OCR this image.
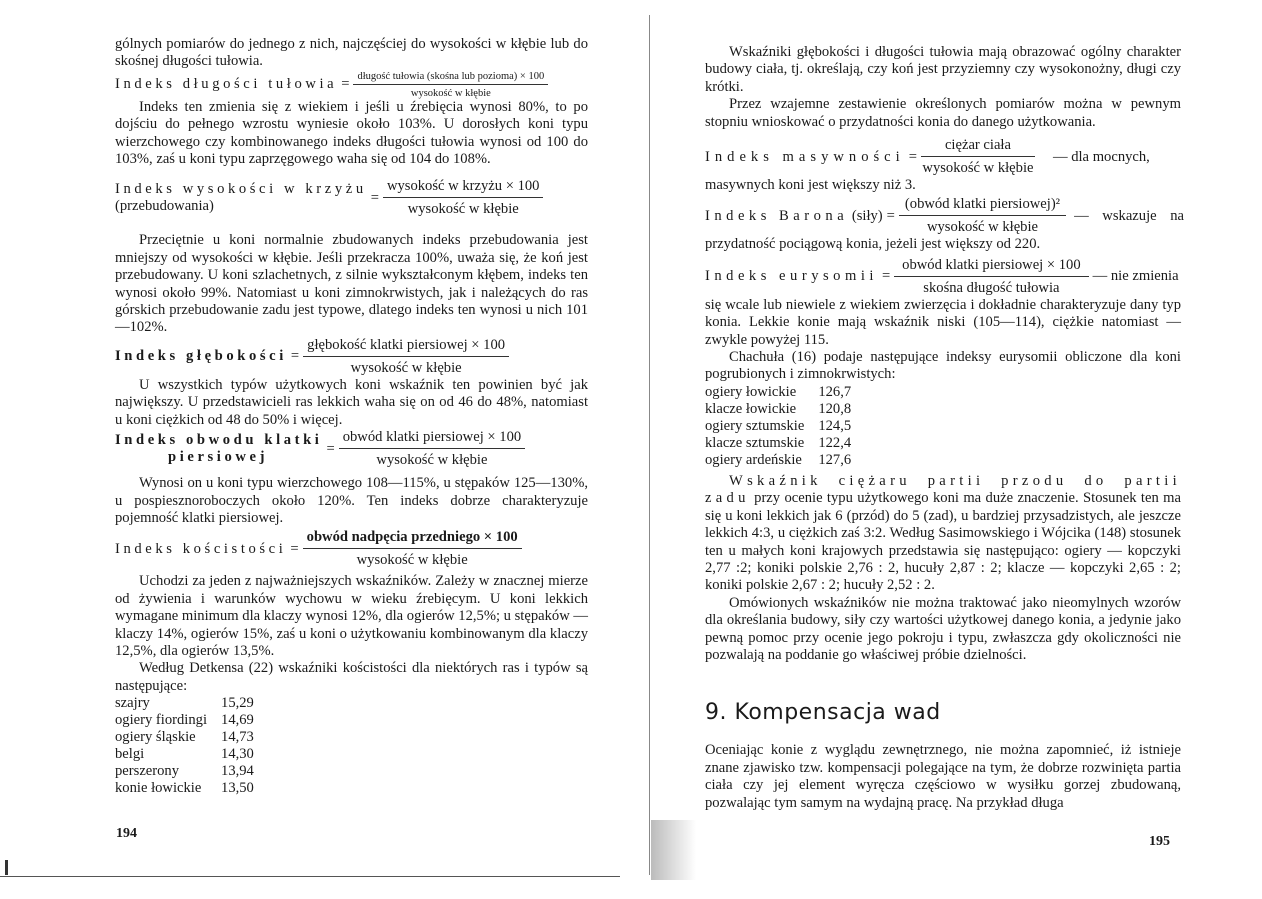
gólnych pomiarów do jednego z nich, najczęściej do wysokości w kłębie lub do skośnej długości tułowia.

Indeks długości tułowia = $\frac{\text{długość tułowia (skośna lub pozioma) × 100}}{\text{wysokość w kłębie}}$

Indeks ten zmienia się z wiekiem i jeśli u źrebięcia wynosi 80%, to po dojściu do pełnego wzrostu wyniesie około 103%. U dorosłych koni typu wierzchowego czy kombinowanego indeks długości tułowia wynosi od 100 do 103%, zaś u koni typu zaprzęgowego waha się od 104 do 108%.

Indeks wysokości w krzyżu
(przebudowania)
= $\frac{\text{wysokość w krzyżu × 100}}{\text{wysokość w kłębie}}$

Przeciętnie u koni normalnie zbudowanych indeks przebudowania jest mniejszy od wysokości w kłębie. Jeśli przekracza 100%, uważa się, że koń jest przebudowany. U koni szlachetnych, z silnie wykształconym kłębem, indeks ten wynosi około 99%. Natomiast u koni zimnokrwistych, jak i należących do ras górskich przebudowanie zadu jest typowe, dlatego indeks ten wynosi u nich 101—102%.

Indeks głębokości = $\frac{\text{głębokość klatki piersiowej × 100}}{\text{wysokość w kłębie}}$

U wszystkich typów użytkowych koni wskaźnik ten powinien być jak największy. U przedstawicieli ras lekkich waha się on od 46 do 48%, natomiast u koni ciężkich od 48 do 50% i więcej.

Indeks obwodu klatki
piersiowej
= $\frac{\text{obwód klatki piersiowej × 100}}{\text{wysokość w kłębie}}$

Wynosi on u koni typu wierzchowego 108—115%, u stępaków 125—130%, u pospiesznoroboczych około 120%. Ten indeks dobrze charakteryzuje pojemność klatki piersiowej.

Indeks kościstości = $\frac{\text{obwód nadpęcia przedniego × 100}}{\text{wysokość w kłębie}}$

Uchodzi za jeden z najważniejszych wskaźników. Zależy w znacznej mierze od żywienia i warunków wychowu w wieku źrebięcym. U koni lekkich wymagane minimum dla klaczy wynosi 12%, dla ogierów 12,5%; u stępaków — klaczy 14%, ogierów 15%, zaś u koni o użytkowaniu kombinowanym dla klaczy 12,5%, dla ogierów 13,5%.

Według Detkensa (22) wskaźniki kościstości dla niektórych ras i typów są następujące:

szajry	15,29
ogiery fiordingi	14,69
ogiery śląskie	14,73
belgi	14,30
perszerony	13,94
konie łowickie	13,50
194

Wskaźniki głębokości i długości tułowia mają obrazować ogólny charakter budowy ciała, tj. określają, czy koń jest przyziemny czy wysokonożny, długi czy krótki.

Przez wzajemne zestawienie określonych pomiarów można w pewnym stopniu wnioskować o przydatności konia do danego użytkowania.

Indeks masywności = $\frac{\text{ciężar ciała}}{\text{wysokość w kłębie}}$ — dla mocnych,

masywnych koni jest większy niż 3.

Indeks Barona
(siły) = $\frac{\text{(obwód klatki piersiowej)²}}{\text{wysokość w kłębie}}$ — wskazuje na

przydatność pociągową konia, jeżeli jest większy od 220.

Indeks eurysomii = $\frac{\text{obwód klatki piersiowej × 100}}{\text{skośna długość tułowia}}$ — nie zmienia

się wcale lub niewiele z wiekiem zwierzęcia i dokładnie charakteryzuje dany typ konia. Lekkie konie mają wskaźnik niski (105—114), ciężkie natomiast — zwykle powyżej 115.

Chachuła (16) podaje następujące indeksy eurysomii obliczone dla koni pogrubionych i zimnokrwistych:

ogiery łowickie	126,7
klacze łowickie	120,8
ogiery sztumskie	124,5
klacze sztumskie	122,4
ogiery ardeńskie	127,6

Wskaźnik ciężaru partii przodu do partii zadu przy ocenie typu użytkowego koni ma duże znaczenie. Stosunek ten ma się u koni lekkich jak 6 (przód) do 5 (zad), u bardziej przysadzistych, ale jeszcze lekkich 4:3, u ciężkich zaś 3:2. Według Sasimowskiego i Wójcika (148) stosunek ten u małych koni krajowych przedstawia się następująco: ogiery — kopczyki 2,77 :2; koniki polskie 2,76 : 2, hucuły 2,87 : 2; klacze — kopczyki 2,65 : 2; koniki polskie 2,67 : 2; hucuły 2,52 : 2.

Omówionych wskaźników nie można traktować jako nieomylnych wzorów dla określania budowy, siły czy wartości użytkowej danego konia, a jedynie jako pewną pomoc przy ocenie jego pokroju i typu, zwłaszcza gdy okoliczności nie pozwalają na poddanie go właściwej próbie dzielności.

9. Kompensacja wad

Oceniając konie z wyglądu zewnętrznego, nie można zapomnieć, iż istnieje znane zjawisko tzw. kompensacji polegające na tym, że dobrze rozwinięta partia ciała czy jej element wyręcza częściowo w wysiłku gorzej zbudowaną, pozwalając tym samym na wydajną pracę. Na przykład długa

195
